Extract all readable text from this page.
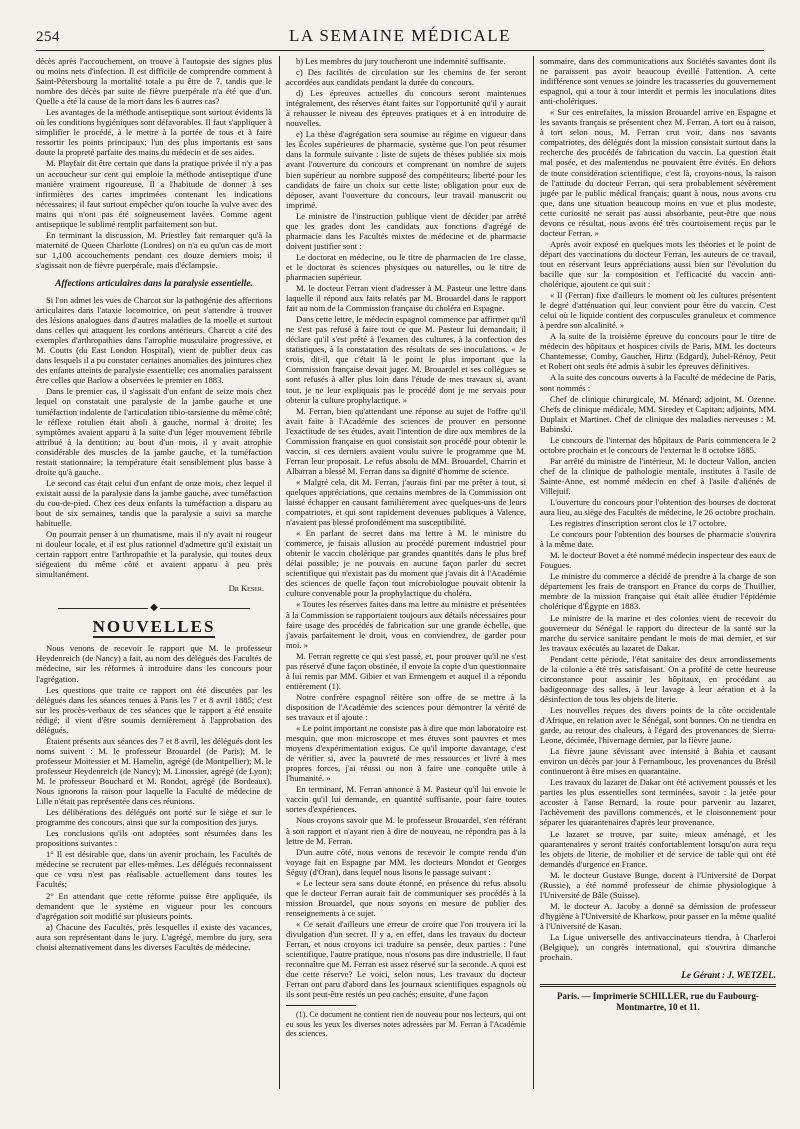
254	LA SEMAINE MÉDICALE

décès après l'accouchement, on trouve à l'autopsie des signes plus ou moins nets d'infection. Il est difficile de comprendre comment à Saint-Pétersbourg la mortalité totale a pu être de 7, tandis que le nombre des décès par suite de fièvre puerpérale n'a été que d'un. Quelle a été la cause de la mort dans les 6 autres cas?

Les avantages de la méthode antiseptique sont surtout évidents là où les conditions hygiéniques sont défavorables. Il faut s'appliquer à simplifier le procédé, à le mettre à la portée de tous et à faire ressortir les points principaux; l'un des plus importants est sans doute la propreté parfaite des mains du médecin et de ses aides.

M. Playfair dit être certain que dans la pratique privée il n'y a pas un accoucheur sur cent qui emploie la méthode antiseptique d'une manière vraiment rigoureuse. Il a l'habitude de donner à ses infirmières des cartes imprimées contenant les indications nécessaires; il faut surtout empêcher qu'on touche la vulve avec des mains qui n'ont pas été soigneusement lavées. Comme agent antiseptique le sublimé remplit parfaitement son but.

En terminant la discussion, M. Priestley fait remarquer qu'à la maternité de Queen Charlotte (Londres) on n'a eu qu'un cas de mort sur 1,100 accouchements pendant ces douze derniers mois; il s'agissait non de fièvre puerpérale, mais d'éclampsie.

Affections articulaires dans la paralysie essentielle.

Si l'on admet les vues de Charcot sur la pathogénie des affections articulaires dans l'ataxie locomotrice, on peut s'attendre à trouver des lésions analogues dans d'autres maladies de la moelle et surtout dans celles qui attaquent les cordons antérieurs. Charcot a cité des exemples d'arthropathies dans l'atrophie musculaire progressive, et M. Coutts (du East London Hospital), vient de publier deux cas dans lesquels il a pu constater certaines anomalies des jointures chez des enfants atteints de paralysie essentielle; ces anomalies paraissent être celles que Barlow a observées le premier en 1883.

Dans le premier cas, il s'agissait d'un enfant de seize mois chez lequel on constatait une paralysie de la jambe gauche et une tuméfaction indolente de l'articulation tibio-tarsienne du même côté; le réflexe rotulien était aboli à gauche, normal à droite; les symptômes avaient apparu à la suite d'un léger mouvement fébrile attribué à la dentition; au bout d'un mois, il y avait atrophie considérable des muscles de la jambe gauche, et la tuméfaction restait stationnaire; la température était sensiblement plus basse à droite qu'à gauche.

Le second cas était celui d'un enfant de onze mois, chez lequel il existait aussi de la paralysie dans la jambe gauche, avec tuméfaction du cou-de-pied. Chez ces deux enfants la tuméfaction a disparu au bout de six semaines, tandis que la paralysie a suivi sa marche habituelle.

On pourrait penser à un rhumatisme, mais il n'y avait ni rougeur ni douleur locale, et il est plus rationnel d'admettre qu'il existait un certain rapport entre l'arthropathie et la paralysie, qui toutes deux siégeaient du même côté et avaient apparu à peu près simultanément.

Dr Keser.
◆
NOUVELLES

Nous venons de recevoir le rapport que M. le professeur Heydenreich (de Nancy) a fait, au nom des délégués des Facultés de médecine, sur les réformes à introduire dans les concours pour l'agrégation.

Les questions que traite ce rapport ont été discutées par les délégués dans les séances tenues à Paris les 7 et 8 avril 1885; c'est sur les procès-verbaux de ces séances que le rapport a été ensuite rédigé; il vient d'être soumis dernièrement à l'approbation des délégués.

Étaient présents aux séances des 7 et 8 avril, les délégués dont les noms suivent : M. le professeur Brouardel (de Paris); M. le professeur Moitessier et M. Hamelin, agrégé (de Montpellier); M. le professeur Heydenreich (de Nancy); M. Linossier, agrégé (de Lyon); M. le professeur Bouchard et M. Rondot, agrégé (de Bordeaux). Nous ignorons la raison pour laquelle la Faculté de médecine de Lille n'était pas représentée dans ces réunions.

Les délibérations des délégués ont porté sur le siège et sur le programme des concours, ainsi que sur la composition des jurys.

Les conclusions qu'ils ont adoptées sont résumées dans les propositions suivantes :

1° Il est désirable que, dans un avenir prochain, les Facultés de médecine se recrutent par elles-mêmes. Les délégués reconnaissent que ce vœu n'est pas réalisable actuellement dans toutes les Facultés;

2° En attendant que cette réforme puisse être appliquée, ils demandent que le système en vigueur pour les concours d'agrégation soit modifié sur plusieurs points.

a) Chacune des Facultés, près lesquelles il existe des vacances, aura son représentant dans le jury. L'agrégé, membre du jury, sera choisi alternativement dans les diverses Facultés de médecine.

b) Les membres du jury toucheront une indemnité suffisante.

c) Des facilités de circulation sur les chemins de fer seront accordées aux candidats pendant la durée du concours.

d) Les épreuves actuelles du concours seront maintenues intégralement, des réserves étant faites sur l'opportunité qu'il y aurait à rehausser le niveau des épreuves pratiques et à en introduire de nouvelles.

e) La thèse d'agrégation sera soumise au régime en vigueur dans les Écoles supérieures de pharmacie, système que l'on peut résumer dans la formule suivante : liste de sujets de thèses publiée six mois avant l'ouverture du concours et comprenant un nombre de sujets bien supérieur au nombre supposé des compétiteurs; liberté pour les candidats de faire un choix sur cette liste; obligation pour eux de déposer, avant l'ouverture du concours, leur travail manuscrit ou imprimé.

Le ministre de l'instruction publique vient de décider par arrêté que les grades dont les candidats aux fonctions d'agrégé de pharmacie dans les Facultés mixtes de médecine et de pharmacie doivent justifier sont :

Le doctorat en médecine, ou le titre de pharmacien de 1re classe, et le doctorat ès sciences physiques ou naturelles, ou le titre de pharmacien supérieur.

M. le docteur Ferran vient d'adresser à M. Pasteur une lettre dans laquelle il répond aux faits relatés par M. Brouardel dans le rapport fait au nom de la Commission française du choléra en Espagne.

Dans cette lettre, le médecin espagnol commence par affirmer qu'il ne s'est pas refusé à faire tout ce que M. Pasteur lui demandait; il déclare qu'il s'est prêté à l'examen des cultures, à la confection des statistiques, à la constatation des résultats de ses inoculations. « Je crois, dit-il, que c'était là le point le plus important que la Commission française devait juger. M. Brouardel et ses collègues se sont refusés à aller plus loin dans l'étude de mes travaux si, avant tout, je ne leur expliquais pas le procédé dont je me servais pour obtenir la culture prophylactique. »

M. Ferran, bien qu'attendant une réponse au sujet de l'offre qu'il avait faite à l'Académie des sciences de prouver en personne l'exactitude de ses études, avait l'intention de dire aux membres de la Commission française en quoi consistait son procédé pour obtenir le vaccin, si ces derniers avaient voulu suivre le programme que M. Ferran leur proposait. Le refus absolu de MM. Brouardel, Charrin et Albarran a blessé M. Ferran dans sa dignité d'homme de science.

« Malgré cela, dit M. Ferran, j'aurais fini par me prêter à tout, si quelques appréciations, que certains membres de la Commission ont laissé échapper en causant familièrement avec quelques-uns de leurs compatriotes, et qui sont rapidement devenues publiques à Valence, n'avaient pas blessé profondément ma susceptibilité.

« En parlant de secret dans ma lettre à M. le ministre du commerce, je faisais allusion au procédé purement industriel pour obtenir le vaccin cholérique par grandes quantités dans le plus bref délai possible; je ne pouvais en aucune façon parler du secret scientifique qui n'existait pas du moment que j'avais dit à l'Académie des sciences de quelle façon tout microbiologue pouvait obtenir la culture convenable pour la prophylactique du choléra.

« Toutes les réserves faites dans ma lettre au ministre et présentées à la Commission se rapportaient toujours aux détails nécessaires pour faire usage des procédés de fabrication sur une grande échelle, que j'avais parfaitement le droit, vous en conviendrez, de garder pour moi. »

M. Ferran regrette ce qui s'est passé, et, pour prouver qu'il ne s'est pas réservé d'une façon obstinée, il envoie la copie d'un questionnaire à lui remis par MM. Gibier et van Ermengem et auquel il a répondu entièrement (1).

Notre confrère espagnol réitère son offre de se mettre à la disposition de l'Académie des sciences pour démontrer la vérité de ses travaux et il ajoute :

« Le point important ne consiste pas à dire que mon laboratoire est mesquin, que mon microscope et mes étuves sont pauvres et mes moyens d'expérimentation exigus. Ce qu'il importe davantage, c'est de vérifier si, avec la pauvreté de mes ressources et livré à mes propres forces, j'ai réussi ou non à faire une conquête utile à l'humanité. »

En terminant, M. Ferran annonce à M. Pasteur qu'il lui envoie le vaccin qu'il lui demande, en quantité suffisante, pour faire toutes sortes d'expériences.

Nous croyons savoir que M. le professeur Brouardel, s'en référant à son rapport et n'ayant rien à dire de nouveau, ne répondra pas à la lettre de M. Ferran.

D'un autre côté, nous venons de recevoir le compte rendu d'un voyage fait en Espagne par MM. les docteurs Mondot et Georges Séguy (d'Oran), dans lequel nous lisons le passage suivant :

« Le lecteur sera sans doute étonné, en présence du refus absolu que le docteur Ferran aurait fait de communiquer ses procédés à la mission Brouardel, que nous soyons en mesure de publier des renseignements à ce sujet.

« Ce serait d'ailleurs une erreur de croire que l'on trouvera ici la divulgation d'un secret. Il y a, en effet, dans les travaux du docteur Ferran, et nous croyons ici traduire sa pensée, deux parties : l'une scientifique, l'autre pratique, nous n'osons pas dire industrielle. Il faut reconnaître que M. Ferran est assez réservé sur la seconde. A quoi est due cette réserve? Le voici, selon nous, Les travaux du docteur Ferran ont paru d'abord dans les journaux scientifiques espagnols où ils sont peut-être restés un peu cachés; ensuite, d'une façon

(1). Ce document ne contient rien de nouveau pour nos lecteurs, qui ont eu sous les yeux les diverses notes adressées par M. Ferran à l'Académie des sciences.

sommaire, dans des communications aux Sociétés savantes dont ils ne paraissent pas avoir beaucoup éveillé l'attention. A cette indifférence sont venues se joindre les tracasseries du gouvernement espagnol, qui a tour à tour interdit et permis les inoculations dites anti-cholériques.

« Sur ces entrefaites, la mission Brouardel arrive en Espagne et les savants français se présentent chez M. Ferran. A tort ou à raison, à tort selon nous, M. Ferran crut voir, dans nos savants compatriotes, des délégués dont la mission consistait surtout dans la recherche des procédés de fabrication du vaccin. La question était mal posée, et des malentendus ne pouvaient être évités. En dehors de toute considération scientifique, c'est là, croyons-nous, la raison de l'attitude du docteur Ferran, qui sera probablement sévèrement jugée par le public médical français; quant à nous, nous avons cru que, dans une situation beaucoup moins en vue et plus modeste, cette curiosité ne serait pas aussi absorbante, peut-être que nous devons ce résultat, nous avons été très courtoisement reçus par le docteur Ferran. »

Après avoir exposé en quelques mots les théories et le point de départ des vaccinations du docteur Ferran, les auteurs de ce travail, tout en réservant leurs appréciations aussi bien sur l'évolution du bacille que sur la composition et l'efficacité du vaccin anti-cholérique, ajoutent ce qui suit :

« Il (Ferran) fixe d'ailleurs le moment où les cultures présentent le degré d'atténuation qui leur convient pour être du vaccin. C'est celui où le liquide contient des corpuscules granuleux et commence à perdre son alcalinité. »

A la suite de la troisième épreuve du concours pour le titre de médecin des hôpitaux et hospices civils de Paris, MM. les docteurs Chantemesse, Comby, Gaucher, Hirtz (Edgard), Juhel-Rénoy, Petit et Robert ont seuls été admis à subir les épreuves définitives.

A la suite des concours ouverts à la Faculté de médecine de Paris, sont nommés :

Chef de clinique chirurgicale, M. Ménard; adjoint, M. Ozenne. Chefs de clinique médicale, MM. Siredey et Capitan; adjoints, MM. Duplaix et Martinet. Chef de clinique des maladies nerveuses : M. Babinski.

Le concours de l'internat des hôpitaux de Paris commencera le 2 octobre prochain et le concours de l'externat le 8 octobre 1885.

Par arrêté du ministre de l'intérieur, M. le docteur Vallon, ancien chef de la clinique de pathologie mentale, institutes à l'asile de Sainte-Anne, est nommé médecin en chef à l'asile d'aliénés de Villejuif.

L'ouverture du concours pour l'obtention des bourses de doctorat aura lieu, au siège des Facultés de médecine, le 26 octobre prochain.

Les registres d'inscription seront clos le 17 octobre.

Le concours pour l'obtention des bourses de pharmacie s'ouvrira à la même date.

M. le docteur Bovet a été nommé médecin inspecteur des eaux de Fougues.

Le ministre du commerce a décidé de prendre à la charge de son département les frais de transport en France du corps de Thuillier, membre de la mission française qui était allée étudier l'épidémie cholérique d'Égypte en 1883.

Le ministre de la marine et des colonies vient de recevoir du gouverneur du Sénégal le rapport du directeur de la santé sur la marche du service sanitaire pendant le mois de mai dernier, et sur les travaux exécutés au lazaret de Dakar.

Pendant cette période, l'état sanitaire des deux arrondissements de la colonie a été très satisfaisant. On a profité de cette heureuse circonstance pour assainir les hôpitaux, en procédant au badigeonnage des salles, à leur lavage à leur aération et à la désinfection de tous les objets de literie.

Les nouvelles reçues des divers points de la côte occidentale d'Afrique, en relation avec le Sénégal, sont bonnes. On ne tiendra en garde, au retour des chaleurs, à l'égard des provenances de Sierra-Leone, décimée, l'hivernage dernier, par la fièvre jaune.

La fièvre jaune sévissant avec intensité à Bahia et causant environ un décès par jour à Fernambouc, les provenances du Brésil continueront à être mises en quarantaine.

Les travaux du lazaret de Dakar ont été activement poussés et les parties les plus essentielles sont terminées, savoir : la jetée pour accoster à l'anse Bernard, la route pour parvenir au lazaret, l'achèvement des pavillons commencés, et le cloisonnement pour séparer les quarantenaires d'après leur provenance.

Le lazaret se trouve, par suite, mieux aménagé, et les quarantenaires y seront traités confortablement lorsqu'on aura reçu les objets de literie, de mobilier et de service de table qui ont été demandés d'urgence en France.

M. le docteur Gustave Bunge, docent à l'Université de Dorpat (Russie), a été nommé professeur de chimie physiologique à l'Université de Bâle (Suisse).

M. le docteur A. Jacoby a donné sa démission de professeur d'hygiène à l'Université de Kharkow, pour passer en la même qualité à l'Université de Kasan.

La Ligue universelle des antivaccinateurs tiendra, à Charleroi (Belgique), un congrès international, qui s'ouvrira dimanche prochain.

Le Gérant : J. WETZEL.
Paris. — Imprimerie SCHILLER, rue du Faubourg-
Montmartre, 10 et 11.
